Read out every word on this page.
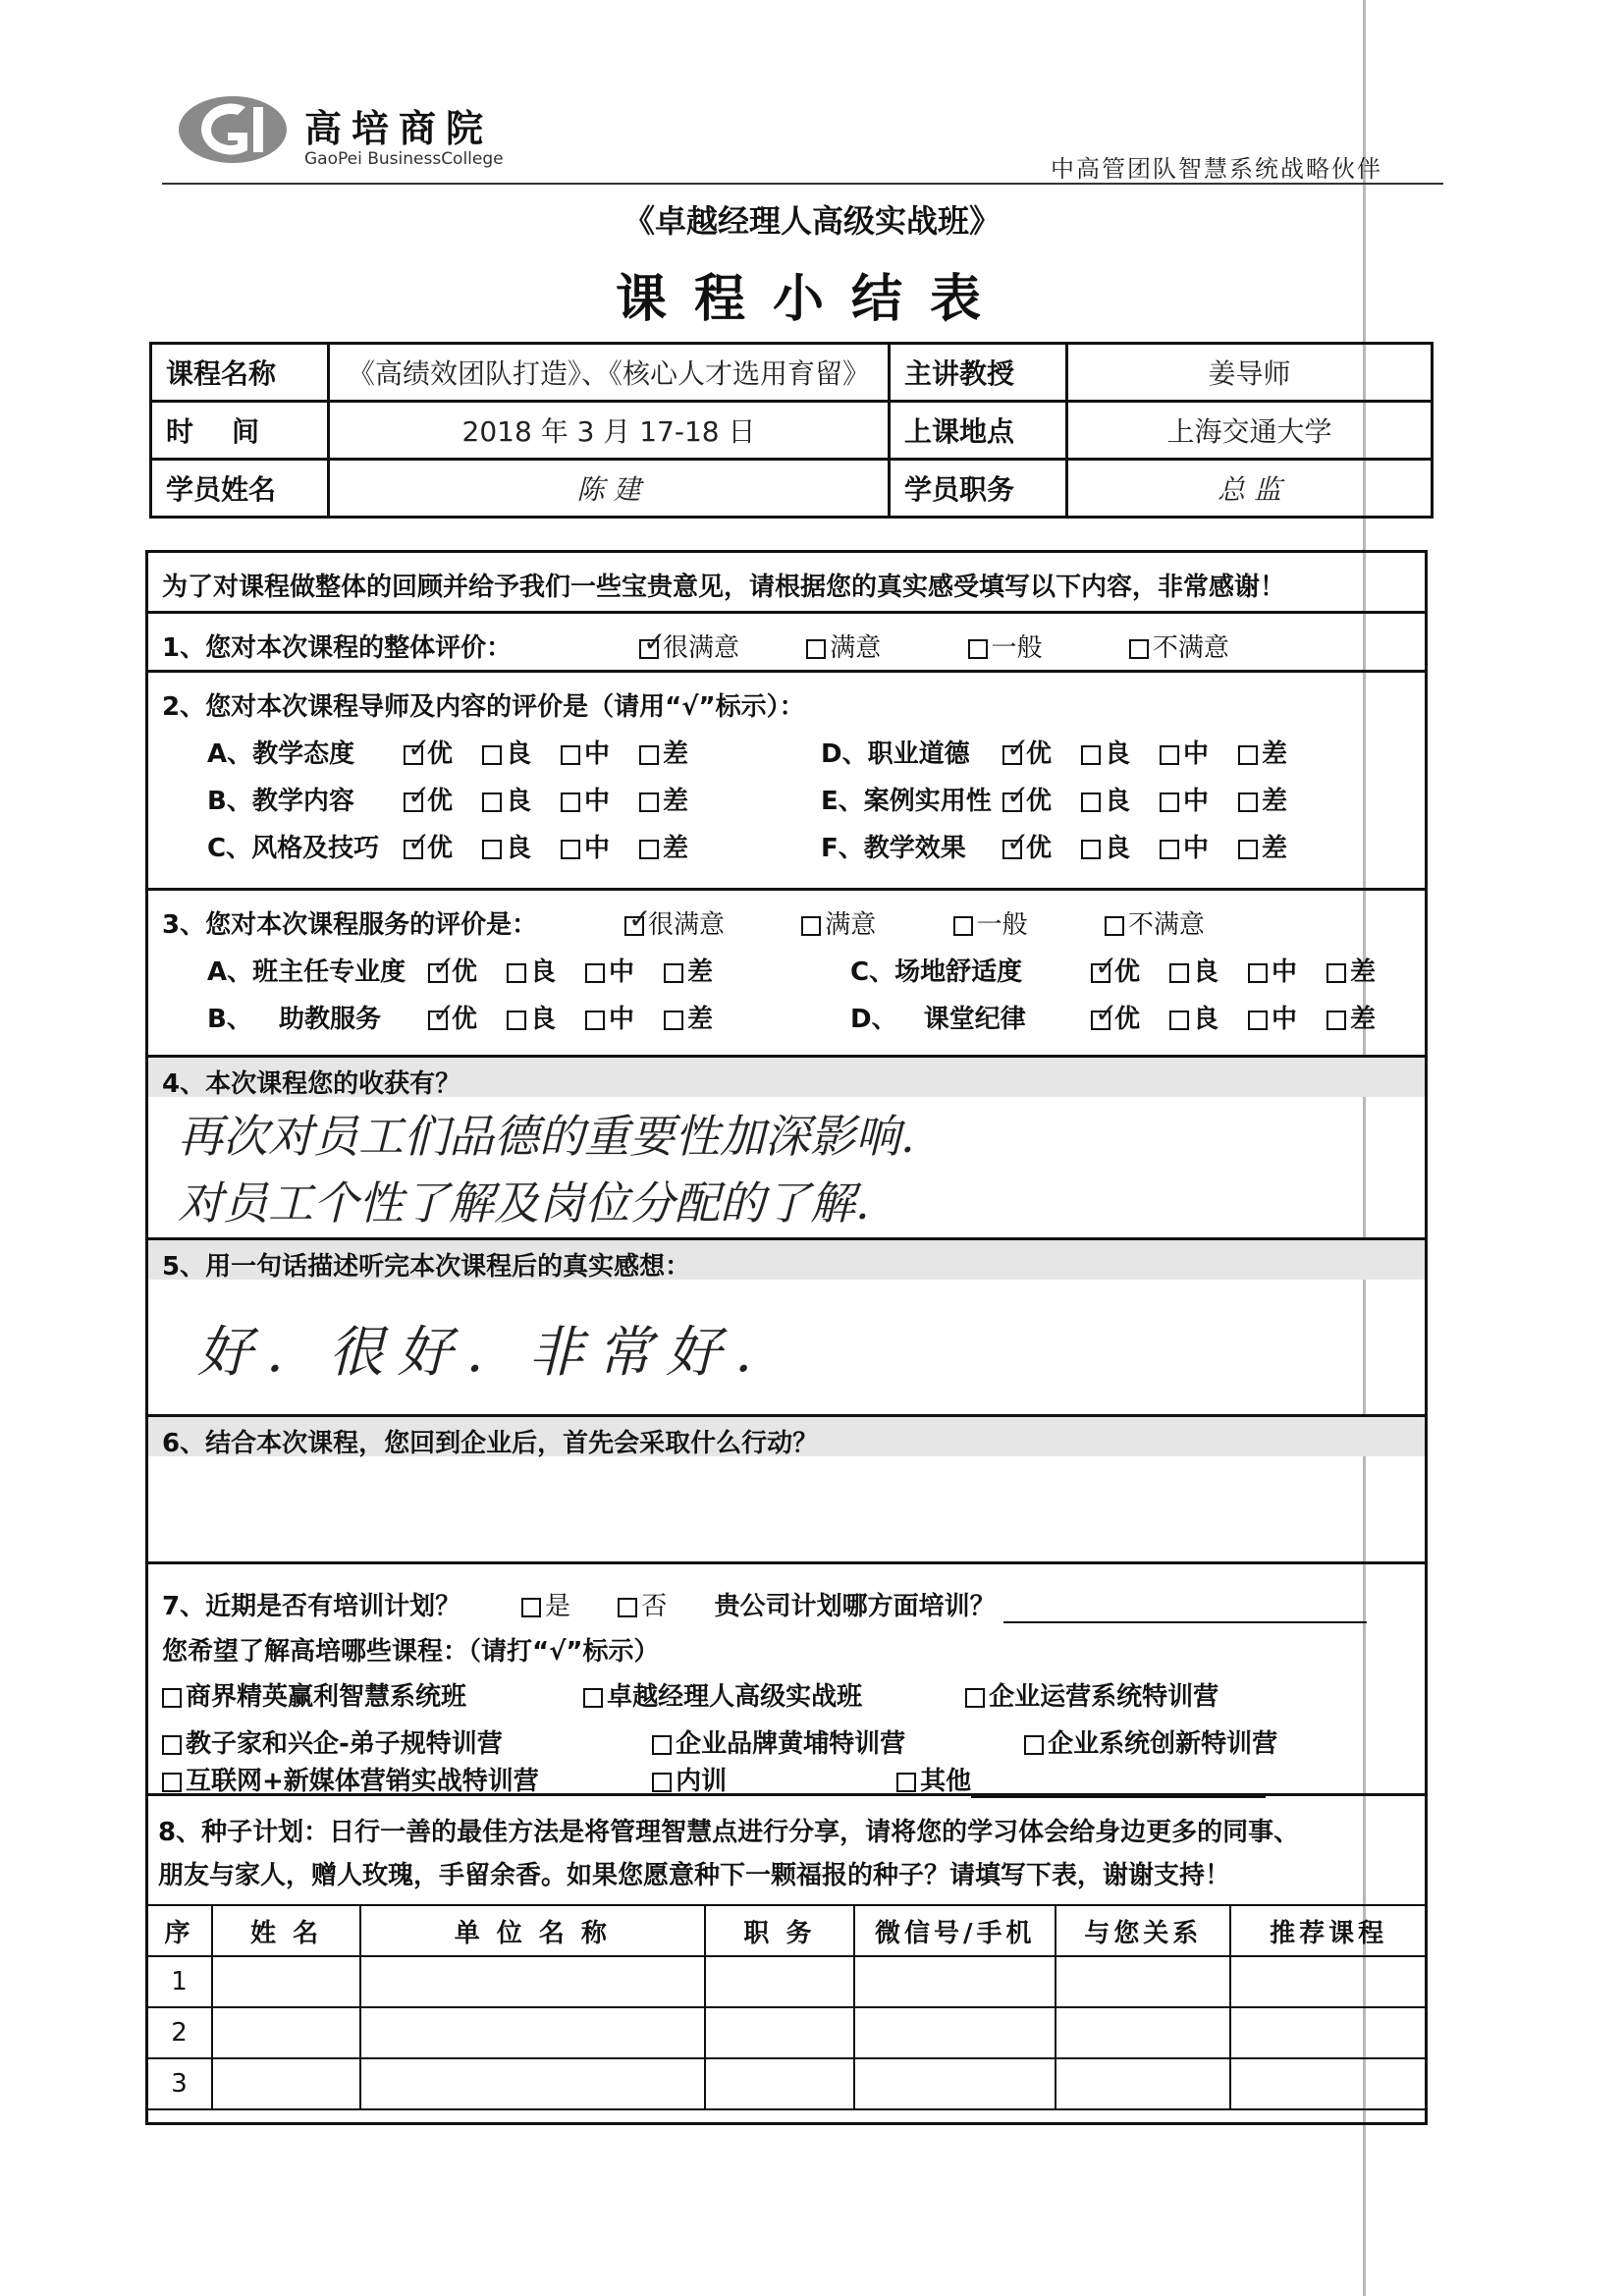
高培商院
GaoPei BusinessCollege	中高管团队智慧系统战略伙伴
《卓越经理人高级实战班》
课程小结表
课程名称	《高绩效团队打造》、《核心人才选用育留》	主讲教授	姜导师
时    间	2018 年 3 月 17-18 日	上课地点	上海交通大学
学员姓名	陈 建	学员职务	总 监
为了对课程做整体的回顾并给予我们一些宝贵意见，请根据您的真实感受填写以下内容，非常感谢！
1、您对本次课程的整体评价： ✓	很满意	满意	一般	不满意
2、您对本次课程导师及内容的评价是（请用“√”标示）：
A、教学态度 ✓	优 良 中 差
B、教学内容 ✓	优 良 中 差
C、风格及技巧 ✓ 优 良 中 差
D、职业道德 ✓ 优 良 中 差
E、案例实用性 ✓ 优 良 中 差
F、教学效果 ✓ 优 良 中 差
3、您对本次课程服务的评价是： ✓	很满意	满意	一般	不满意
A、班主任专业度 ✓ 优 良 中 差
B、   助教服务 ✓	优 良 中 差
C、场地舒适度 ✓	优 良 中 差
D、   课堂纪律 ✓	优 良 中 差
4、本次课程您的收获有？
再次对员工们品德的重要性加深影响.
对员工个性了解及岗位分配的了解.
5、用一句话描述听完本次课程后的真实感想：
好. 很好. 非常好.
6、结合本次课程，您回到企业后，首先会采取什么行动？
7、近期是否有培训计划？	是	否 贵公司计划哪方面培训？
您希望了解高培哪些课程：（请打“√”标示）
商界精英赢利智慧系统班	卓越经理人高级实战班	企业运营系统特训营
教子家和兴企-弟子规特训营	企业品牌黄埔特训营	企业系统创新特训营
互联网+新媒体营销实战特训营	内训	其他
8、种子计划：日行一善的最佳方法是将管理智慧点进行分享，请将您的学习体会给身边更多的同事、
朋友与家人，赠人玫瑰，手留余香。如果您愿意种下一颗福报的种子？请填写下表，谢谢支持！
序	姓 名	单 位 名 称	职 务	微信号/手机	与您关系	推荐课程
1						
2						
3						
